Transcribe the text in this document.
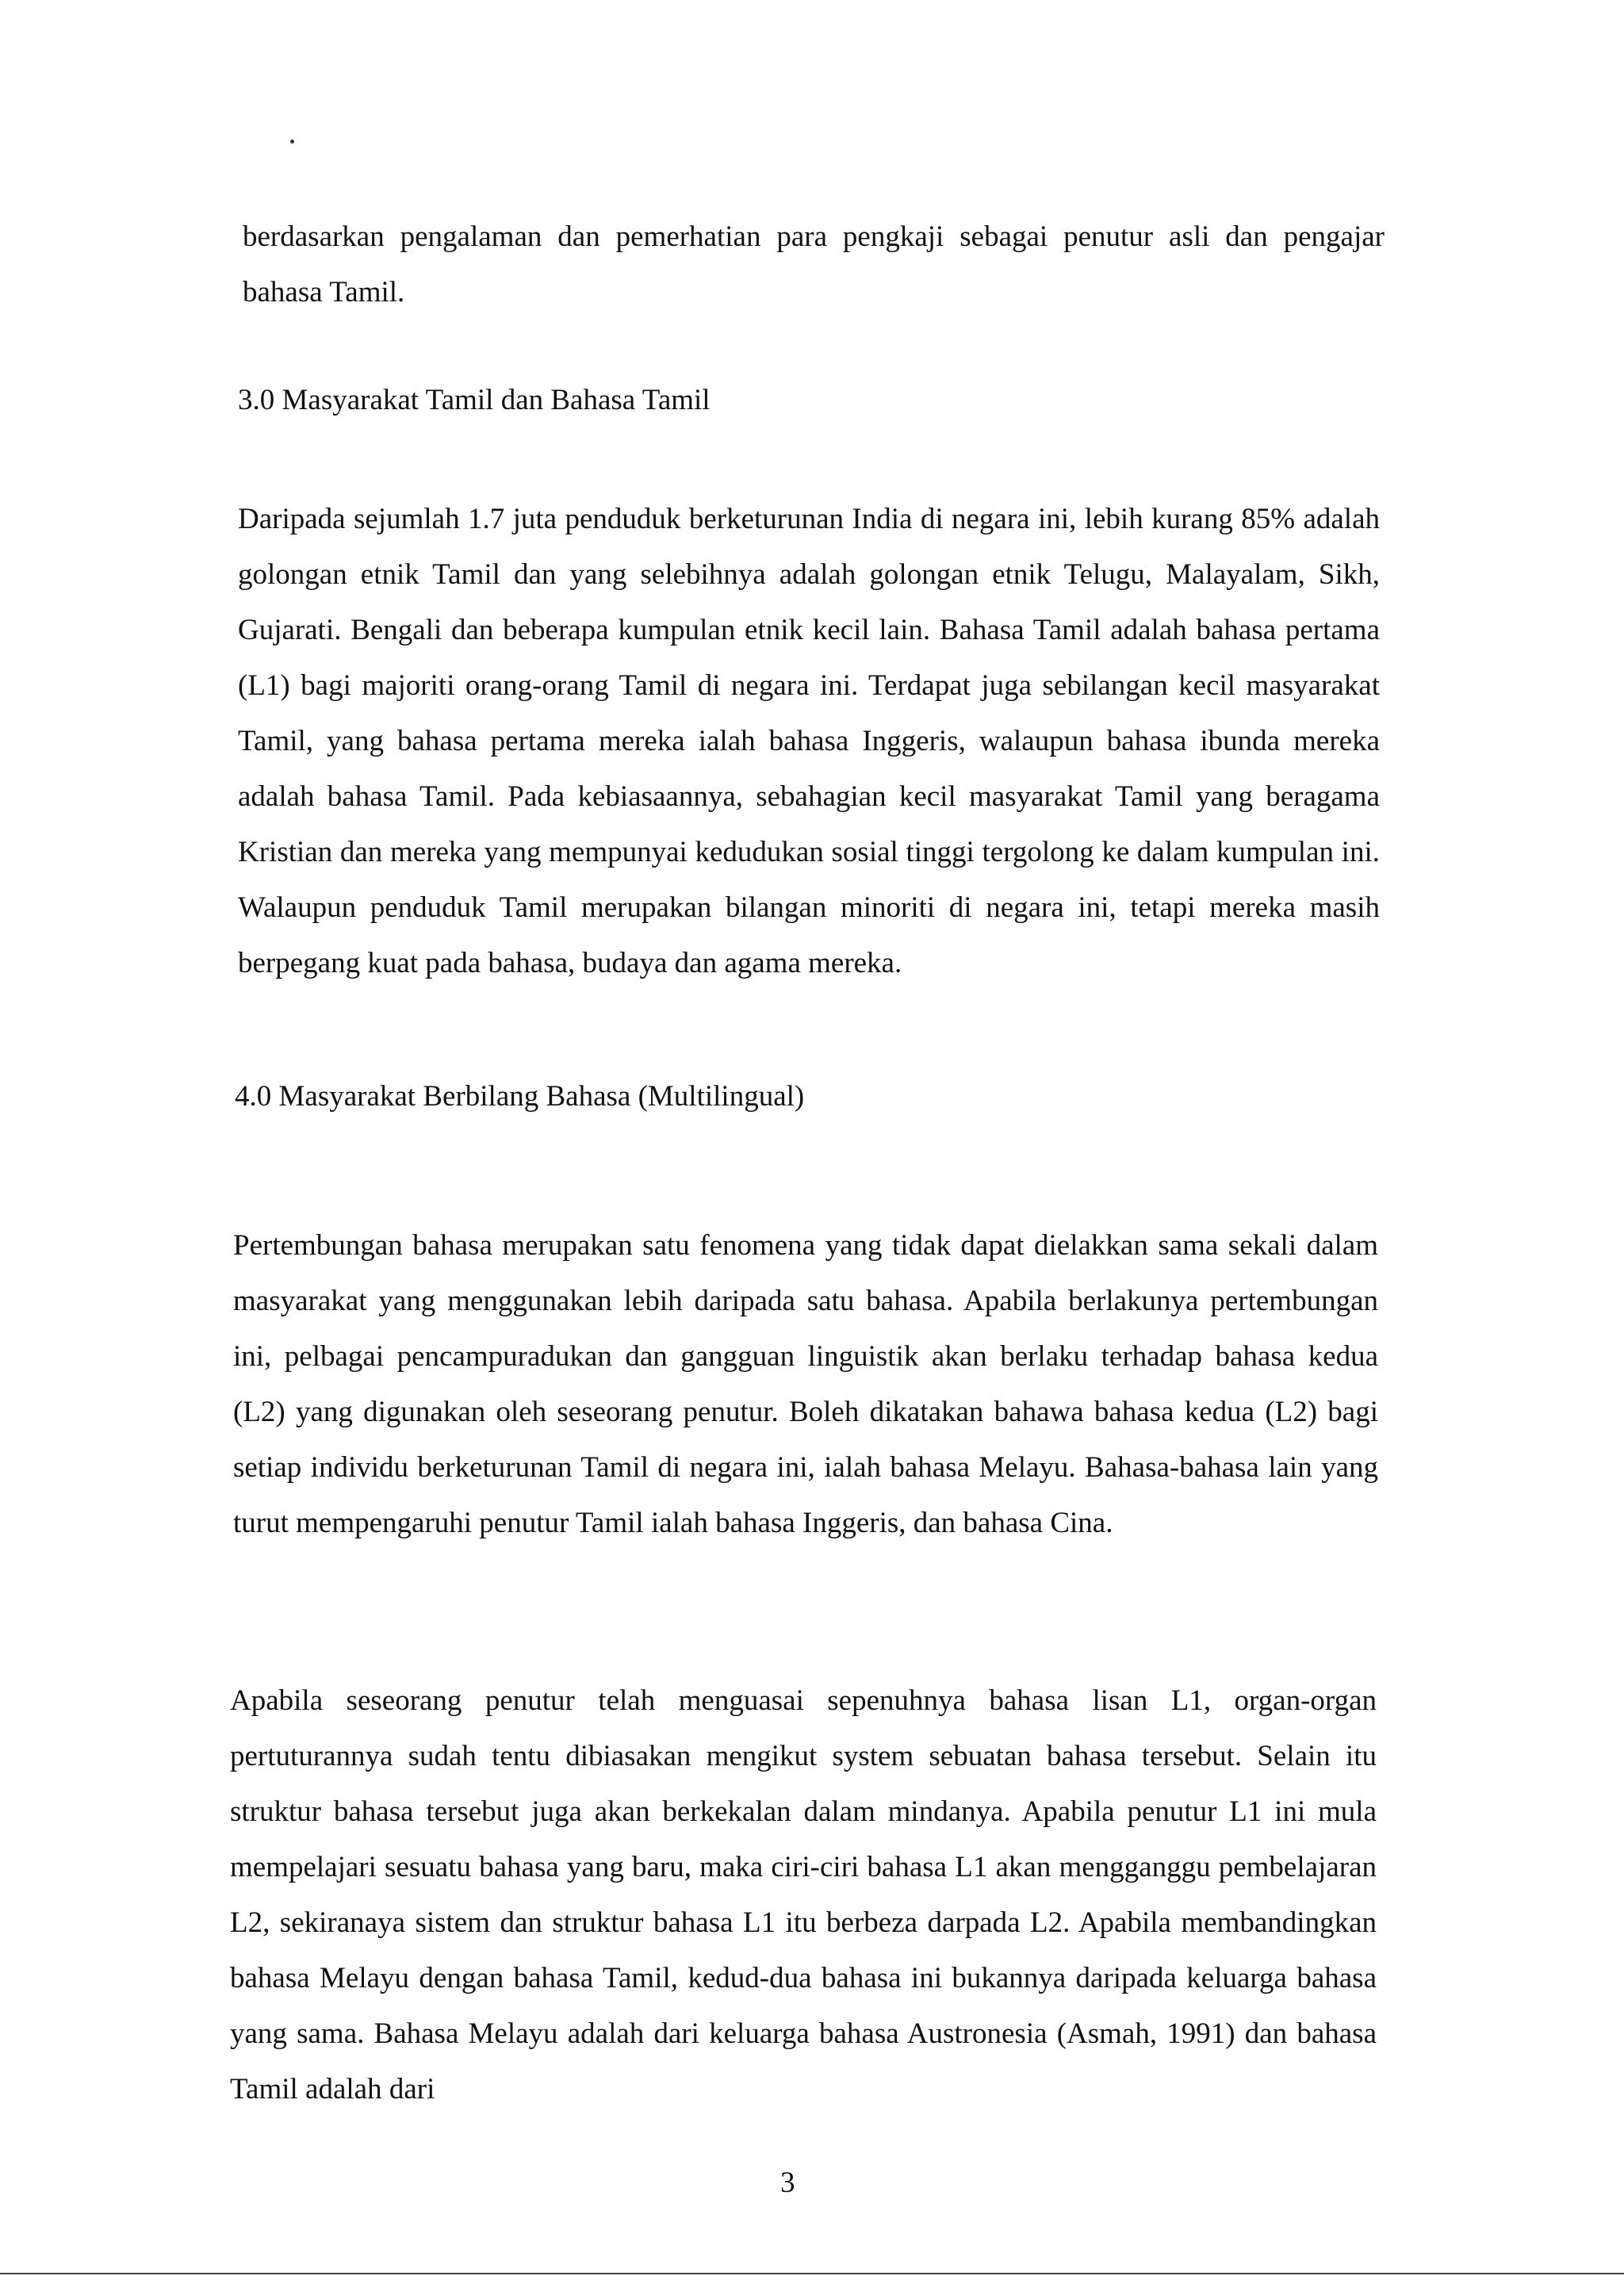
berdasarkan pengalaman dan pemerhatian para pengkaji sebagai penutur asli dan pengajar bahasa Tamil.

3.0 Masyarakat Tamil dan Bahasa Tamil

Daripada sejumlah 1.7 juta penduduk berketurunan India di negara ini, lebih kurang 85% adalah golongan etnik Tamil dan yang selebihnya adalah golongan etnik Telugu, Malayalam, Sikh, Gujarati. Bengali dan beberapa kumpulan etnik kecil lain. Bahasa Tamil adalah bahasa pertama (L1) bagi majoriti orang-orang Tamil di negara ini. Terdapat juga sebilangan kecil masyarakat Tamil, yang bahasa pertama mereka ialah bahasa Inggeris, walaupun bahasa ibunda mereka adalah bahasa Tamil. Pada kebiasaannya, sebahagian kecil masyarakat Tamil yang beragama Kristian dan mereka yang mempunyai kedudukan sosial tinggi tergolong ke dalam kumpulan ini. Walaupun penduduk Tamil merupakan bilangan minoriti di negara ini, tetapi mereka masih berpegang kuat pada bahasa, budaya dan agama mereka.

4.0 Masyarakat Berbilang Bahasa (Multilingual)

Pertembungan bahasa merupakan satu fenomena yang tidak dapat dielakkan sama sekali dalam masyarakat yang menggunakan lebih daripada satu bahasa. Apabila berlakunya pertembungan ini, pelbagai pencampuradukan dan gangguan linguistik akan berlaku terhadap bahasa kedua (L2) yang digunakan oleh seseorang penutur. Boleh dikatakan bahawa bahasa kedua (L2) bagi setiap individu berketurunan Tamil di negara ini, ialah bahasa Melayu. Bahasa-bahasa lain yang turut mempengaruhi penutur Tamil ialah bahasa Inggeris, dan bahasa Cina.

Apabila seseorang penutur telah menguasai sepenuhnya bahasa lisan L1, organ-organ pertuturannya sudah tentu dibiasakan mengikut system sebuatan bahasa tersebut. Selain itu struktur bahasa tersebut juga akan berkekalan dalam mindanya. Apabila penutur L1 ini mula mempelajari sesuatu bahasa yang baru, maka ciri-ciri bahasa L1 akan mengganggu pembelajaran L2, sekiranaya sistem dan struktur bahasa L1 itu berbeza darpada L2. Apabila membandingkan bahasa Melayu dengan bahasa Tamil, kedud-dua bahasa ini bukannya daripada keluarga bahasa yang sama. Bahasa Melayu adalah dari keluarga bahasa Austronesia (Asmah, 1991) dan bahasa Tamil adalah dari

3
